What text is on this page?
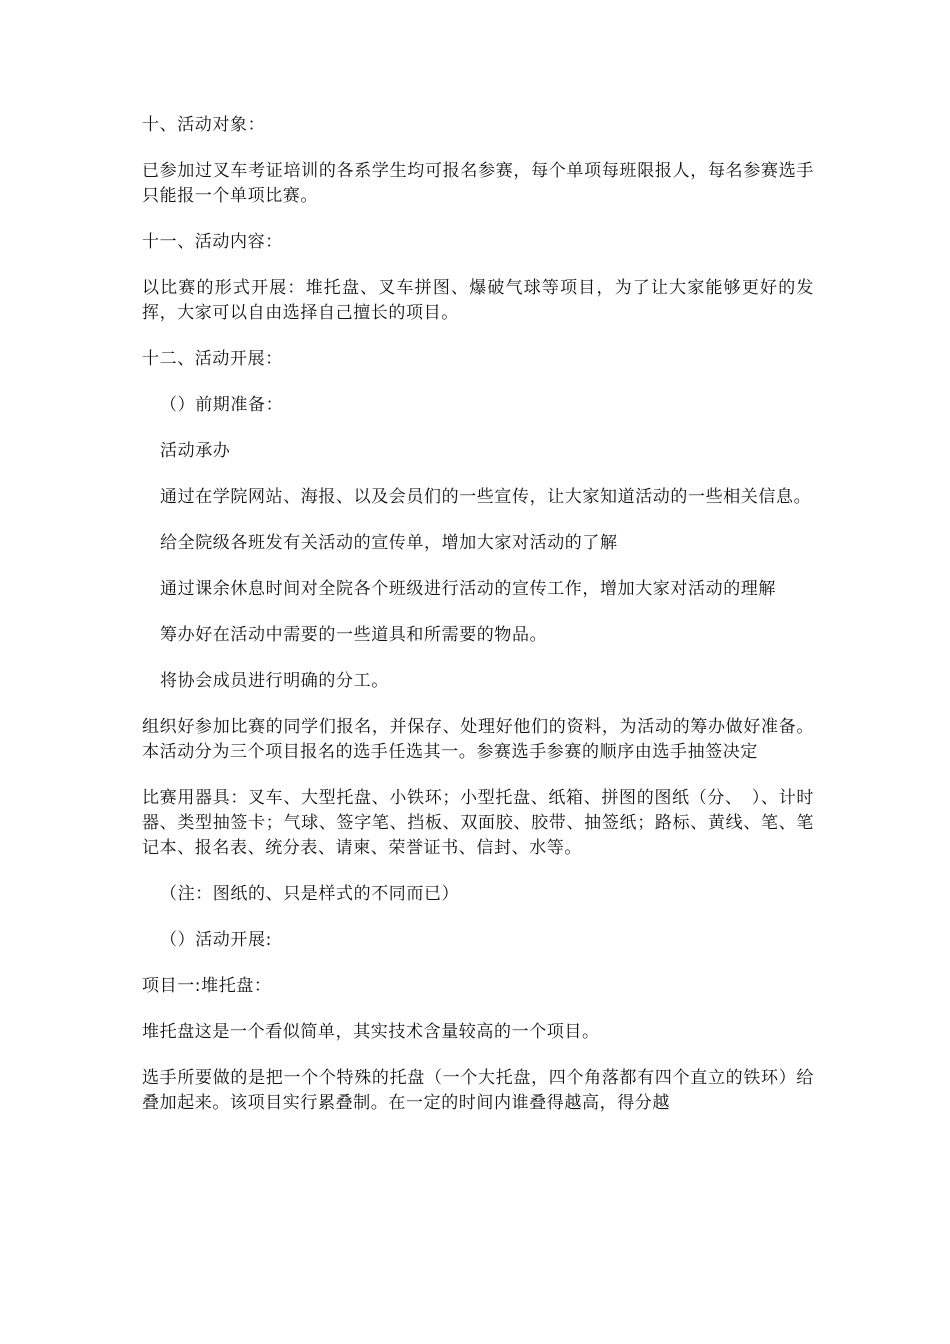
十、活动对象：

已参加过叉车考证培训的各系学生均可报名参赛，每个单项每班限报人，每名参赛选手只能报一个单项比赛。

十一、活动内容：

以比赛的形式开展：堆托盘、叉车拼图、爆破气球等项目，为了让大家能够更好的发挥，大家可以自由选择自己擅长的项目。

十二、活动开展：

（）前期准备：

活动承办

通过在学院网站、海报、以及会员们的一些宣传，让大家知道活动的一些相关信息。

给全院级各班发有关活动的宣传单，增加大家对活动的了解

通过课余休息时间对全院各个班级进行活动的宣传工作，增加大家对活动的理解

筹办好在活动中需要的一些道具和所需要的物品。

将协会成员进行明确的分工。

组织好参加比赛的同学们报名，并保存、处理好他们的资料，为活动的筹办做好准备。本活动分为三个项目报名的选手任选其一。参赛选手参赛的顺序由选手抽签决定

比赛用器具：叉车、大型托盘、小铁环；小型托盘、纸箱、拼图的图纸（分、　）、计时器、类型抽签卡；气球、签字笔、挡板、双面胶、胶带、抽签纸；路标、黄线、笔、笔记本、报名表、统分表、请柬、荣誉证书、信封、水等。

（注：图纸的、只是样式的不同而已）

（）活动开展:

项目一:堆托盘：

堆托盘这是一个看似简单，其实技术含量较高的一个项目。

选手所要做的是把一个个特殊的托盘（一个大托盘，四个角落都有四个直立的铁环）给叠加起来。该项目实行累叠制。在一定的时间内谁叠得越高，得分越
